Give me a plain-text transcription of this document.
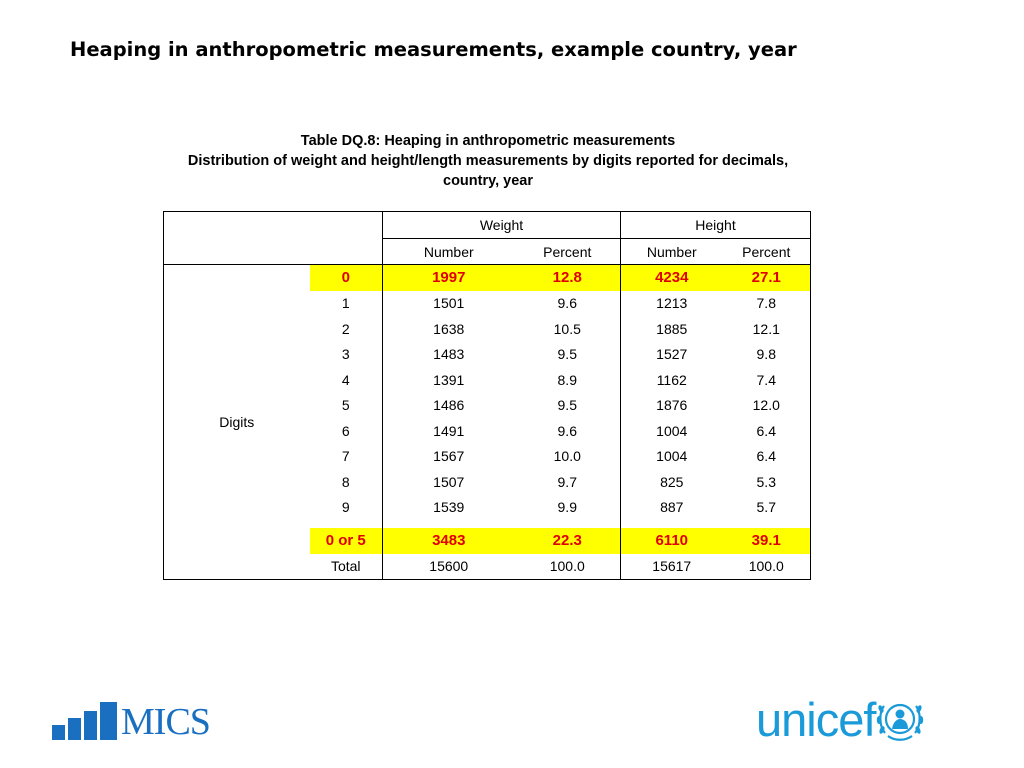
Heaping in anthropometric measurements, example country, year
Table DQ.8: Heaping in anthropometric measurements
Distribution of weight and height/length measurements by digits reported for decimals, country, year
		Weight		Height	
		Number	Percent	Number	Percent
Digits	0	1997	12.8	4234	27.1
	1	1501	9.6	1213	7.8
	2	1638	10.5	1885	12.1
	3	1483	9.5	1527	9.8
	4	1391	8.9	1162	7.4
	5	1486	9.5	1876	12.0
	6	1491	9.6	1004	6.4
	7	1567	10.0	1004	6.4
	8	1507	9.7	825	5.3
	9	1539	9.9	887	5.7

	0 or 5	3483	22.3	6110	39.1
	Total	15600	100.0	15617	100.0
MICS	unicef
